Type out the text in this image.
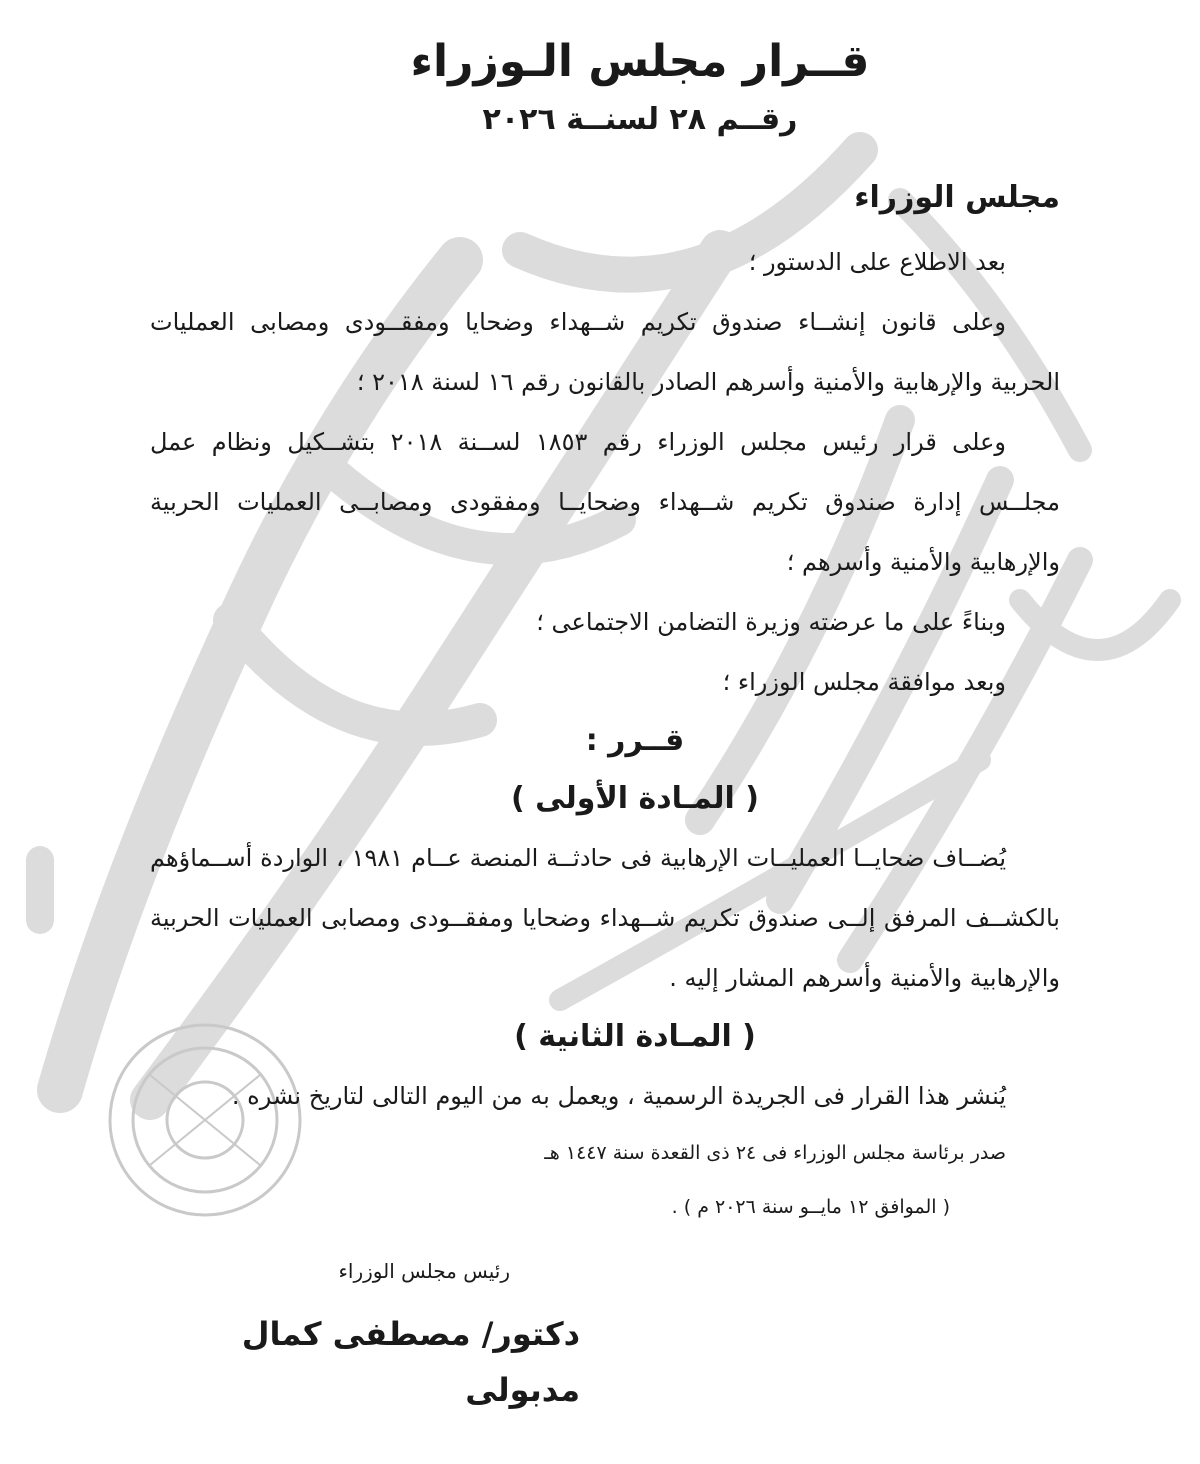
قــرار مجلس الـوزراء
رقــم ٢٨ لسنــة ٢٠٢٦
مجلس الوزراء

بعد الاطلاع على الدستور ؛

وعلى قانون إنشــاء صندوق تكريم شــهداء وضحايا ومفقــودى ومصابى العمليات الحربية والإرهابية والأمنية وأسرهم الصادر بالقانون رقم ١٦ لسنة ٢٠١٨ ؛

وعلى قرار رئيس مجلس الوزراء رقم ١٨٥٣ لســنة ٢٠١٨ بتشــكيل ونظام عمل مجلــس إدارة صندوق تكريم شــهداء وضحايــا ومفقودى ومصابــى العمليات الحربية والإرهابية والأمنية وأسرهم ؛

وبناءً على ما عرضته وزيرة التضامن الاجتماعى ؛

وبعد موافقة مجلس الوزراء ؛

قــرر :
( المـادة الأولى )

يُضــاف ضحايــا العمليــات الإرهابية فى حادثــة المنصة عــام ١٩٨١ ، الواردة أســماؤهم بالكشــف المرفق إلــى صندوق تكريم شــهداء وضحايا ومفقــودى ومصابى العمليات الحربية والإرهابية والأمنية وأسرهم المشار إليه .

( المـادة الثانية )

يُنشر هذا القرار فى الجريدة الرسمية ، ويعمل به من اليوم التالى لتاريخ نشره .

صدر برئاسة مجلس الوزراء فى ٢٤ ذى القعدة سنة ١٤٤٧ هـ

( الموافق ١٢ مايــو سنة ٢٠٢٦ م ) .

رئيس مجلس الوزراء
دكتور/ مصطفى كمال مدبولى
